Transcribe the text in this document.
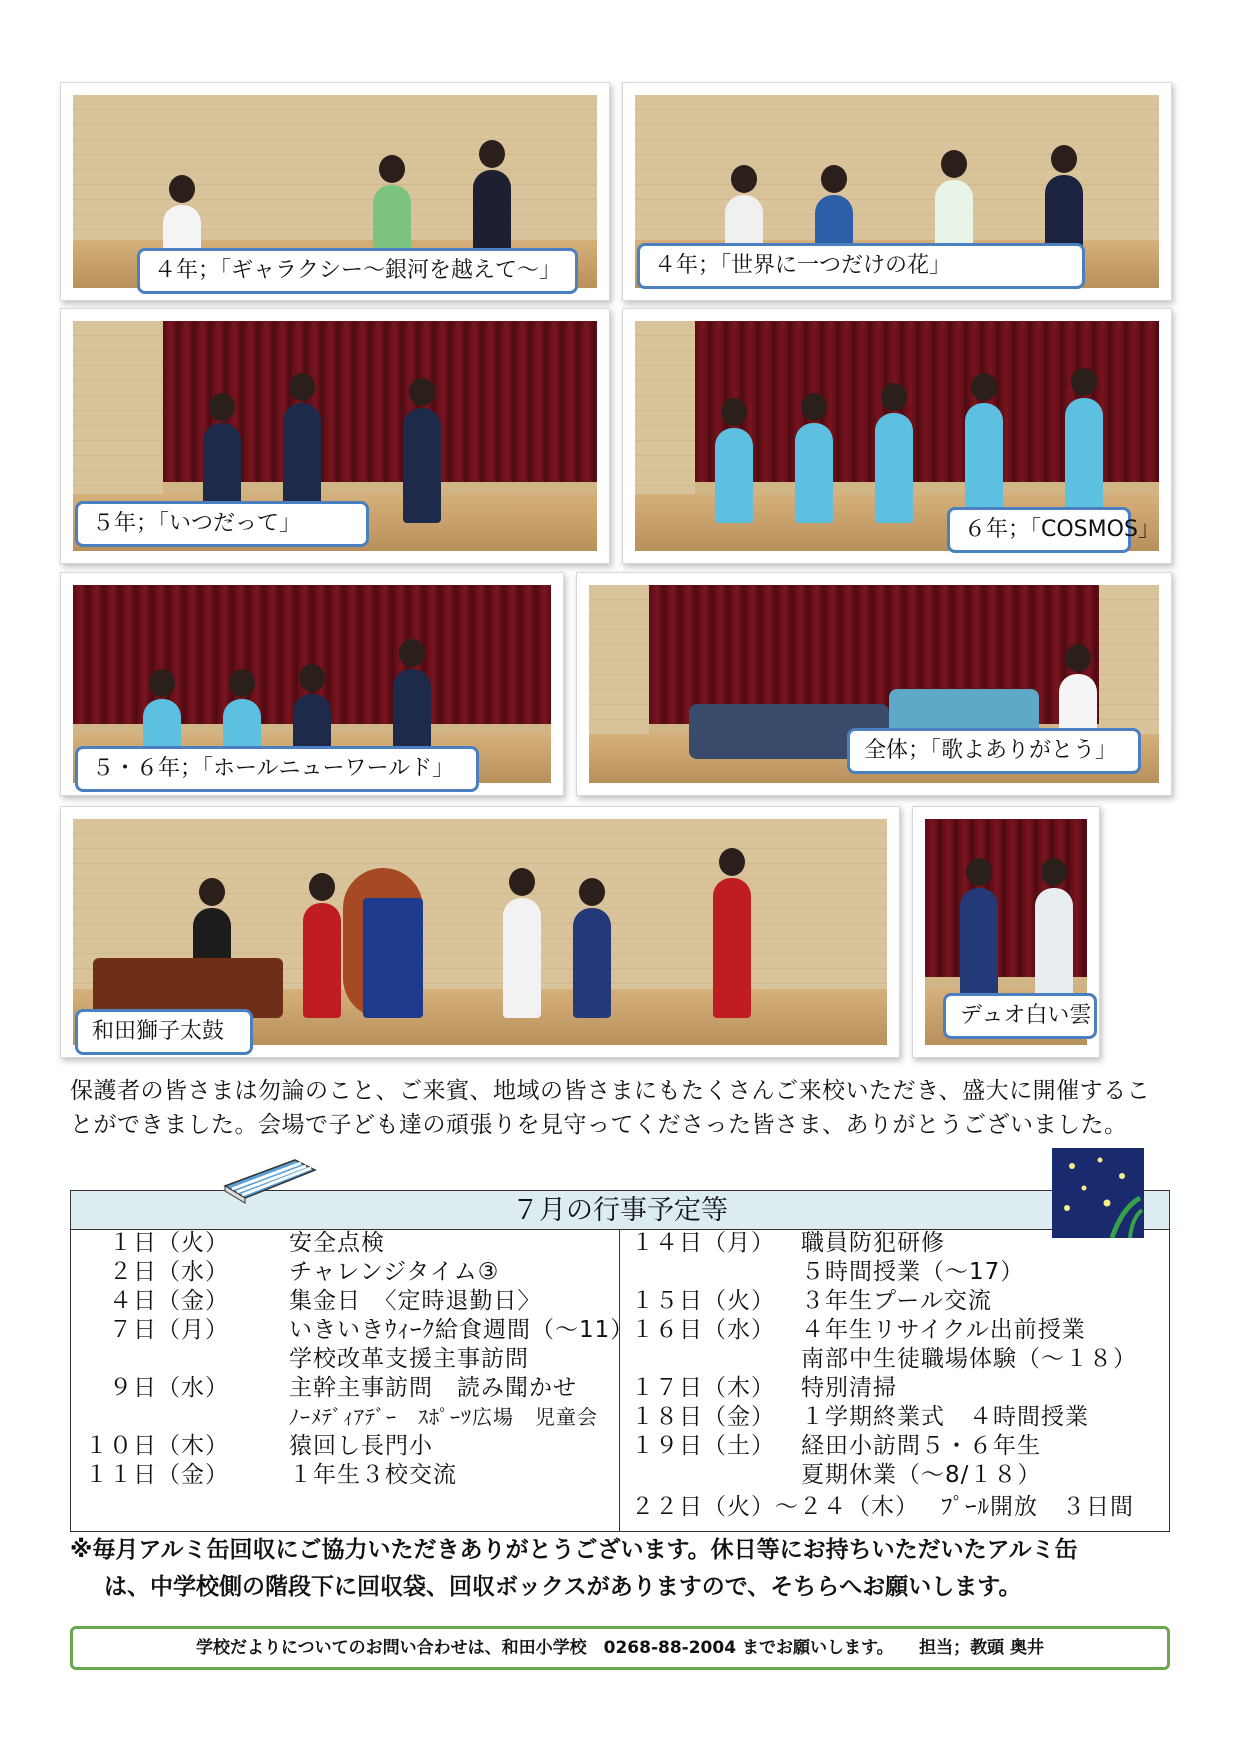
４年；「ギャラクシー～銀河を越えて～」	４年；「世界に一つだけの花」
５年；「いつだって」	６年；「COSMOS」
５・６年；「ホールニューワールド」
全体；「歌よありがとう」
和田獅子太鼓
デュオ白い雲
保護者の皆さまは勿論のこと、ご来賓、地域の皆さまにもたくさんご来校いただき、盛大に開催するこ
とができました。会場で子ども達の頑張りを見守ってくださった皆さま、ありがとうございました。
７月の行事予定等
１日（火）	安全点検
２日（水）	チャレンジタイム③
４日（金）	集金日　〈定時退勤日〉
７日（月）	いきいきｳｨｰｸ給食週間（～11）
学校改革支援主事訪問
９日（水）	主幹主事訪問　読み聞かせ
ﾉｰﾒﾃﾞｨｱﾃﾞｰ　ｽﾎﾟｰﾂ広場　児童会
１０日（木）	猿回し長門小
１１日（金）	１年生３校交流
１４日（月） 職員防犯研修
５時間授業（～17）
１５日（火） ３年生プール交流
１６日（水） ４年生リサイクル出前授業
南部中生徒職場体験（～１８）
１７日（木） 特別清掃
１８日（金） １学期終業式　４時間授業
１９日（土） 経田小訪問５・６年生
夏期休業（～8/１８）
２２日（火）～２４（木） ﾌﾟｰﾙ開放　３日間
※毎月アルミ缶回収にご協力いただきありがとうございます。休日等にお持ちいただいたアルミ缶
は、中学校側の階段下に回収袋、回収ボックスがありますので、そちらへお願いします。
学校だよりについてのお問い合わせは、和田小学校　0268-88-2004 までお願いします。　　担当；教頭 奥井
